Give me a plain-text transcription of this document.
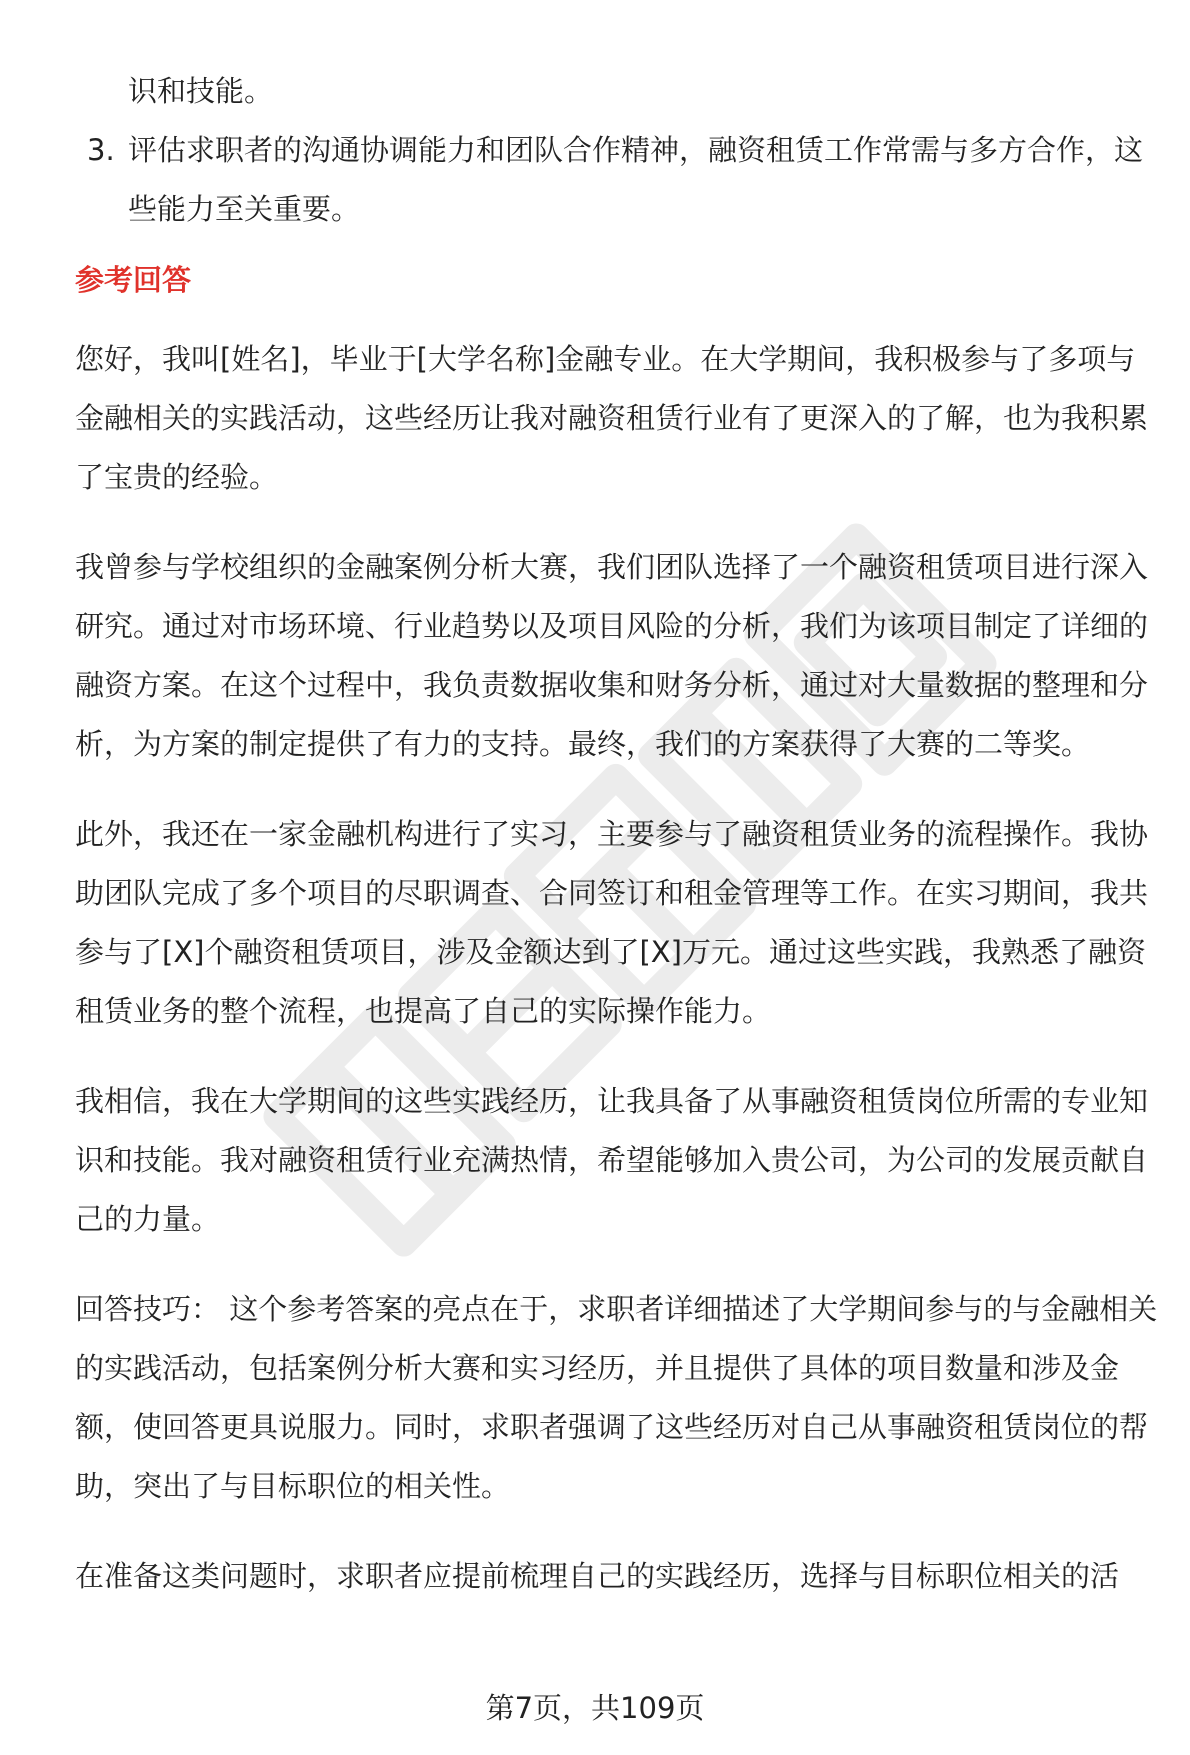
识和技能。
3. 评估求职者的沟通协调能力和团队合作精神，融资租赁工作常需与多方合作，这些能力至关重要。
参考回答

您好，我叫[姓名]，毕业于[大学名称]金融专业。在大学期间，我积极参与了多项与金融相关的实践活动，这些经历让我对融资租赁行业有了更深入的了解，也为我积累了宝贵的经验。

我曾参与学校组织的金融案例分析大赛，我们团队选择了一个融资租赁项目进行深入研究。通过对市场环境、行业趋势以及项目风险的分析，我们为该项目制定了详细的融资方案。在这个过程中，我负责数据收集和财务分析，通过对大量数据的整理和分析，为方案的制定提供了有力的支持。最终，我们的方案获得了大赛的二等奖。

此外，我还在一家金融机构进行了实习，主要参与了融资租赁业务的流程操作。我协助团队完成了多个项目的尽职调查、合同签订和租金管理等工作。在实习期间，我共参与了[X]个融资租赁项目，涉及金额达到了[X]万元。通过这些实践，我熟悉了融资租赁业务的整个流程，也提高了自己的实际操作能力。

我相信，我在大学期间的这些实践经历，让我具备了从事融资租赁岗位所需的专业知识和技能。我对融资租赁行业充满热情，希望能够加入贵公司，为公司的发展贡献自己的力量。

回答技巧： 这个参考答案的亮点在于，求职者详细描述了大学期间参与的与金融相关的实践活动，包括案例分析大赛和实习经历，并且提供了具体的项目数量和涉及金额，使回答更具说服力。同时，求职者强调了这些经历对自己从事融资租赁岗位的帮助，突出了与目标职位的相关性。

在准备这类问题时，求职者应提前梳理自己的实践经历，选择与目标职位相关的活

第7页，共109页
